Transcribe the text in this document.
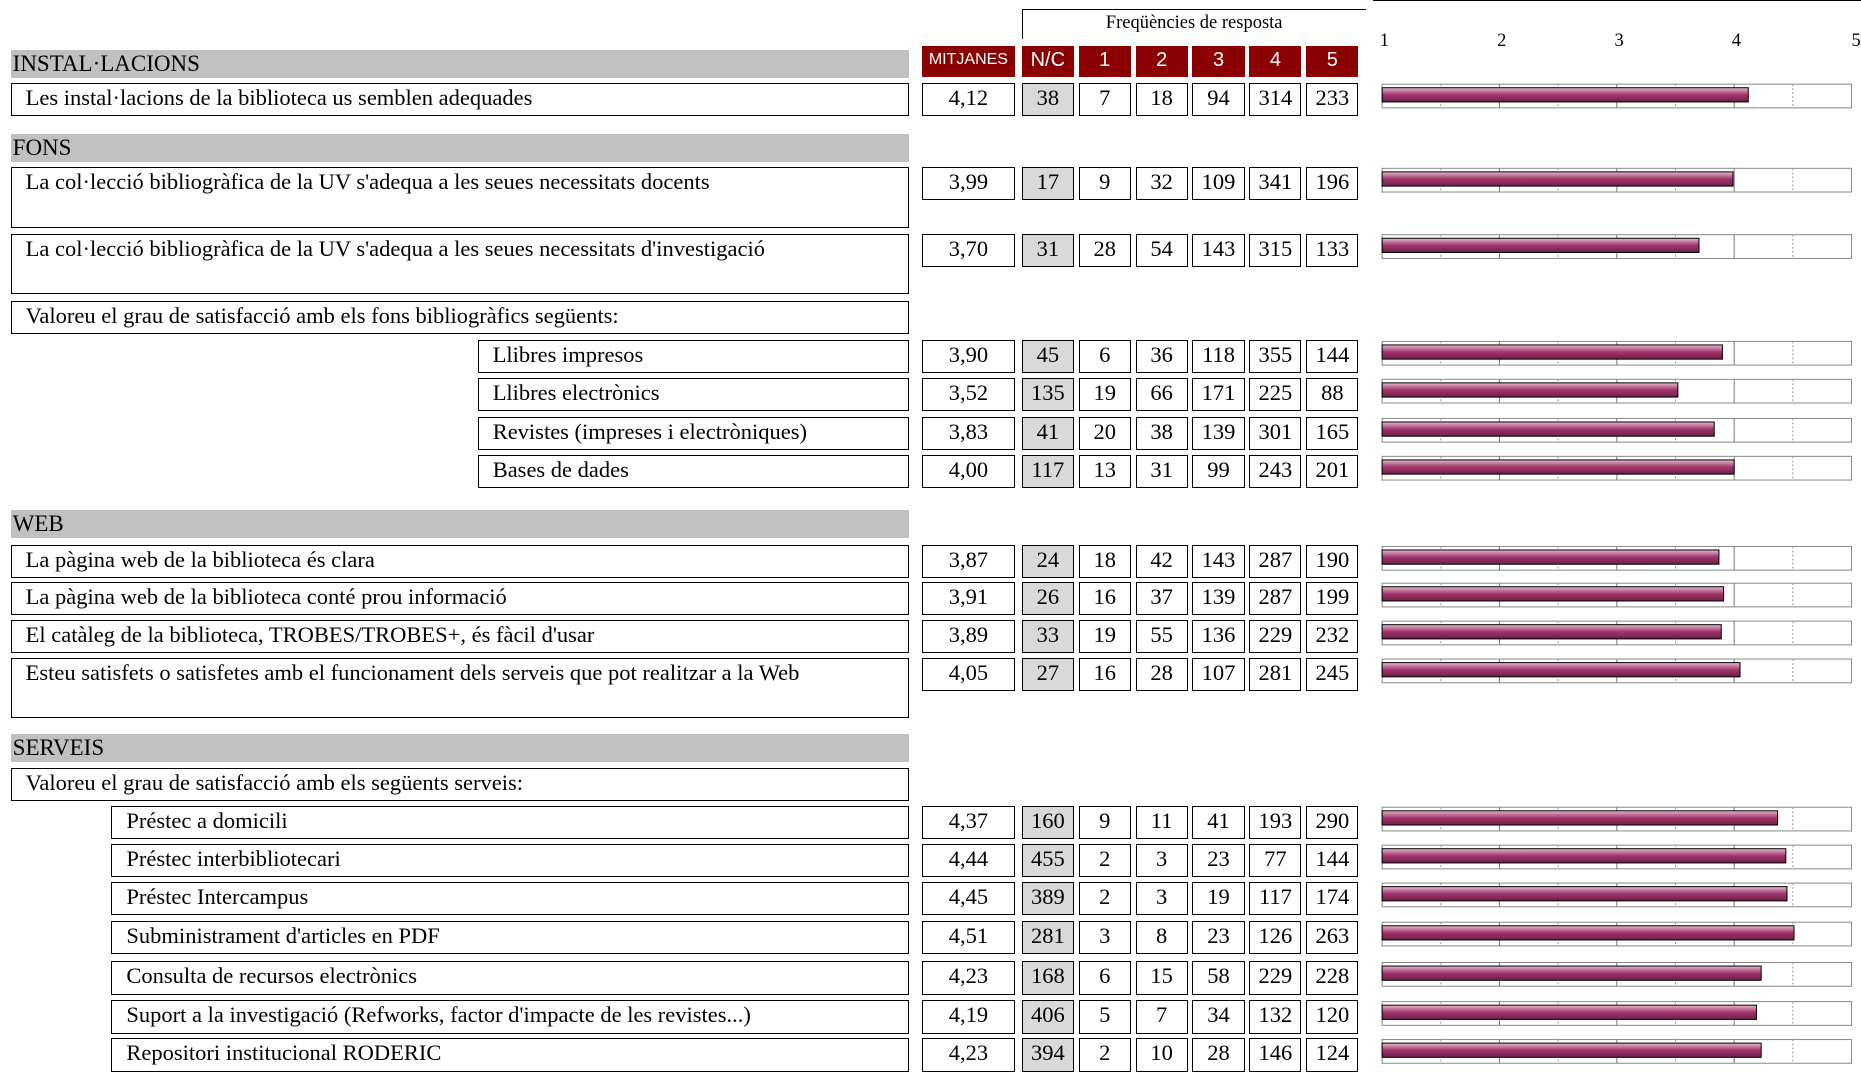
Freqüències de resposta
MITJANES	N/C	1	2	3	4	5
1	2	3	4	5
INSTAL·LACIONS
Les instal·lacions de la biblioteca us semblen adequades	4,12	38	7	18	94	314	233
FONS
La col·lecció bibliogràfica de la UV s'adequa a les seues necessitats docents	3,99	17	9	32	109	341	196
La col·lecció bibliogràfica de la UV s'adequa a les seues necessitats d'investigació	3,70	31	28	54	143	315	133
Valoreu el grau de satisfacció amb els fons bibliogràfics següents:
Llibres impresos	3,90	45	6	36	118	355	144
Llibres electrònics	3,52	135	19	66	171	225	88
Revistes (impreses i electròniques)	3,83	41	20	38	139	301	165
Bases de dades	4,00	117	13	31	99	243	201
WEB
La pàgina web de la biblioteca és clara	3,87	24	18	42	143	287	190
La pàgina web de la biblioteca conté prou informació	3,91	26	16	37	139	287	199
El catàleg de la biblioteca, TROBES/TROBES+, és fàcil d'usar	3,89	33	19	55	136	229	232
Esteu satisfets o satisfetes amb el funcionament dels serveis que pot realitzar a la Web	4,05	27	16	28	107	281	245
SERVEIS
Valoreu el grau de satisfacció amb els següents serveis:
Préstec a domicili	4,37	160	9	11	41	193	290
Préstec interbibliotecari	4,44	455	2	3	23	77	144
Préstec Intercampus	4,45	389	2	3	19	117	174
Subministrament d'articles en PDF	4,51	281	3	8	23	126	263
Consulta de recursos electrònics	4,23	168	6	15	58	229	228
Suport a la investigació (Refworks, factor d'impacte de les revistes...)	4,19	406	5	7	34	132	120
Repositori institucional RODERIC	4,23	394	2	10	28	146	124
